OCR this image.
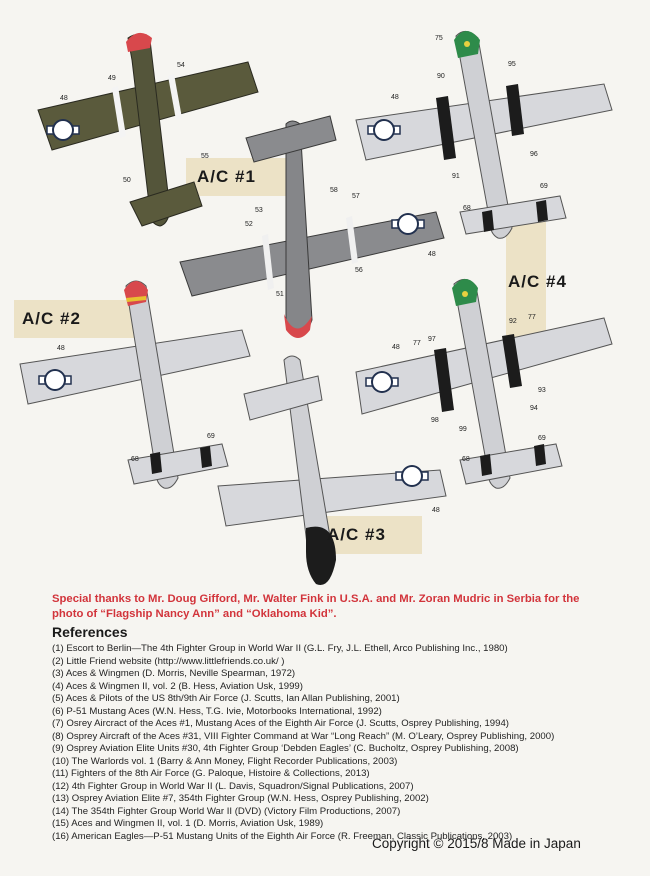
48
49
54
55
50
53
52
58
57
48
56
51
75
95
90
48
96
91
69
68
48
69
68
48
48
77
97
92
77
93
94
98
99
69
68
A/C #1
A/C #2
A/C #3
A/C #4
Special thanks to Mr. Doug Gifford, Mr. Walter Fink in U.S.A. and Mr. Zoran Mudric in Serbia for the photo of “Flagship Nancy Ann” and “Oklahoma Kid”.
References
(1) Escort to Berlin—The 4th Fighter Group in World War II (G.L. Fry, J.L. Ethell, Arco Publishing Inc., 1980)
(2) Little Friend website (http://www.littlefriends.co.uk/ )
(3) Aces & Wingmen (D. Morris, Neville Spearman, 1972)
(4) Aces & Wingmen II, vol. 2 (B. Hess, Aviation Usk, 1999)
(5) Aces & Pilots of the US 8th/9th Air Force (J. Scutts, Ian Allan Publishing, 2001)
(6) P-51 Mustang Aces (W.N. Hess, T.G. Ivie, Motorbooks International, 1992)
(7) Osrey Aircract of the Aces #1, Mustang Aces of the Eighth Air Force (J. Scutts, Osprey Publishing, 1994)
(8) Osprey Aircraft of the Aces #31, VIII Fighter Command at War “Long Reach” (M. O’Leary, Osprey Publishing, 2000)
(9) Osprey Aviation Elite Units #30, 4th Fighter Group ‘Debden Eagles’ (C. Bucholtz, Osprey Publishing, 2008)
(10) The Warlords vol. 1 (Barry & Ann Money, Flight Recorder Publications, 2003)
(11) Fighters of the 8th Air Force (G. Paloque, Histoire & Collections, 2013)
(12) 4th Fighter Group in World War II (L. Davis, Squadron/Signal Publications, 2007)
(13) Osprey Aviation Elite #7, 354th Fighter Group (W.N. Hess, Osprey Publishing, 2002)
(14) The 354th Fighter Group World War II (DVD) (Victory Film Productions, 2007)
(15) Aces and Wingmen II, vol. 1 (D. Morris, Aviation Usk, 1989)
(16) American Eagles—P-51 Mustang Units of the Eighth Air Force (R. Freeman, Classic Publications, 2003)
Copyright © 2015/8 Made in Japan
